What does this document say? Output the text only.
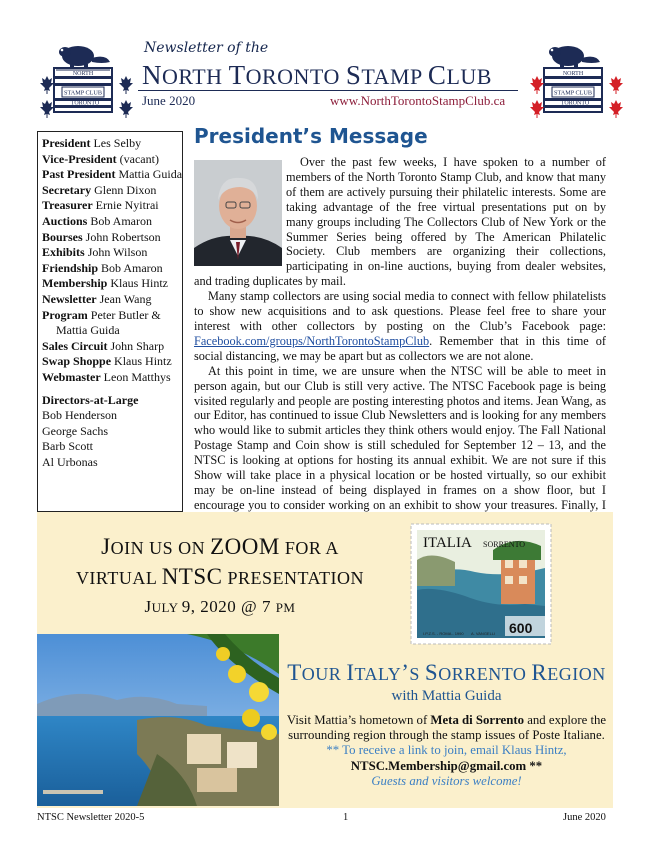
NORTH
STAMP CLUB
TORONTO
Newsletter of the
NORTH TORONTO STAMP CLUB
June 2020	www.NorthTorontoStampClub.ca
NORTH
STAMP CLUB
TORONTO
President Les Selby
Vice-President (vacant)
Past President Mattia Guida
Secretary Glenn Dixon
Treasurer Ernie Nyitrai
Auctions Bob Amaron
Bourses John Robertson
Exhibits John Wilson
Friendship Bob Amaron
Membership Klaus Hintz
Newsletter Jean Wang
Program Peter Butler &
Mattia Guida
Sales Circuit John Sharp
Swap Shoppe Klaus Hintz
Webmaster Leon Matthys
Directors-at-Large
Bob Henderson
George Sachs
Barb Scott
Al Urbonas
President’s Message

Over the past few weeks, I have spoken to a number of members of the North Toronto Stamp Club, and know that many of them are actively pursuing their philatelic interests. Some are taking advantage of the free virtual presentations put on by many groups including The Collectors Club of New York or the Summer Series being offered by The American Philatelic Society. Club members are organizing their collections, participating in on-line auctions, buying from dealer websites, and trading duplicates by mail.

Many stamp collectors are using social media to connect with fellow philatelists to show new acquisitions and to ask questions. Please feel free to share your interest with other collectors by posting on the Club’s Facebook page: Facebook.com/groups/NorthTorontoStampClub. Remember that in this time of social distancing, we may be apart but as collectors we are not alone.

At this point in time, we are unsure when the NTSC will be able to meet in person again, but our Club is still very active. The NTSC Facebook page is being visited regularly and people are posting interesting photos and items. Jean Wang, as our Editor, has continued to issue Club Newsletters and is looking for any members who would like to submit articles they think others would enjoy. The Fall National Postage Stamp and Coin show is still scheduled for September 12 – 13, and the NTSC is looking at options for hosting its annual exhibit. We are not sure if this Show will take place in a physical location or be hosted virtually, so our exhibit may be on-line instead of being displayed in frames on a show floor, but I encourage you to consider working on an exhibit to show your treasures. Finally, I

JOIN US ON ZOOM FOR A
VIRTUAL NTSC PRESENTATION
JULY 9, 2020 @ 7 PM
ITALIA SORRENTO
600
I.P.Z.S. - ROMA - 1990 A. VANGELLI
TOUR ITALY’S SORRENTO REGION
with Mattia Guida
Visit Mattia’s hometown of Meta di Sorrento and explore the surrounding region through the stamp issues of Poste Italiane.
** To receive a link to join, email Klaus Hintz,
NTSC.Membership@gmail.com **
Guests and visitors welcome!
NTSC Newsletter 2020-5	1	June 2020
